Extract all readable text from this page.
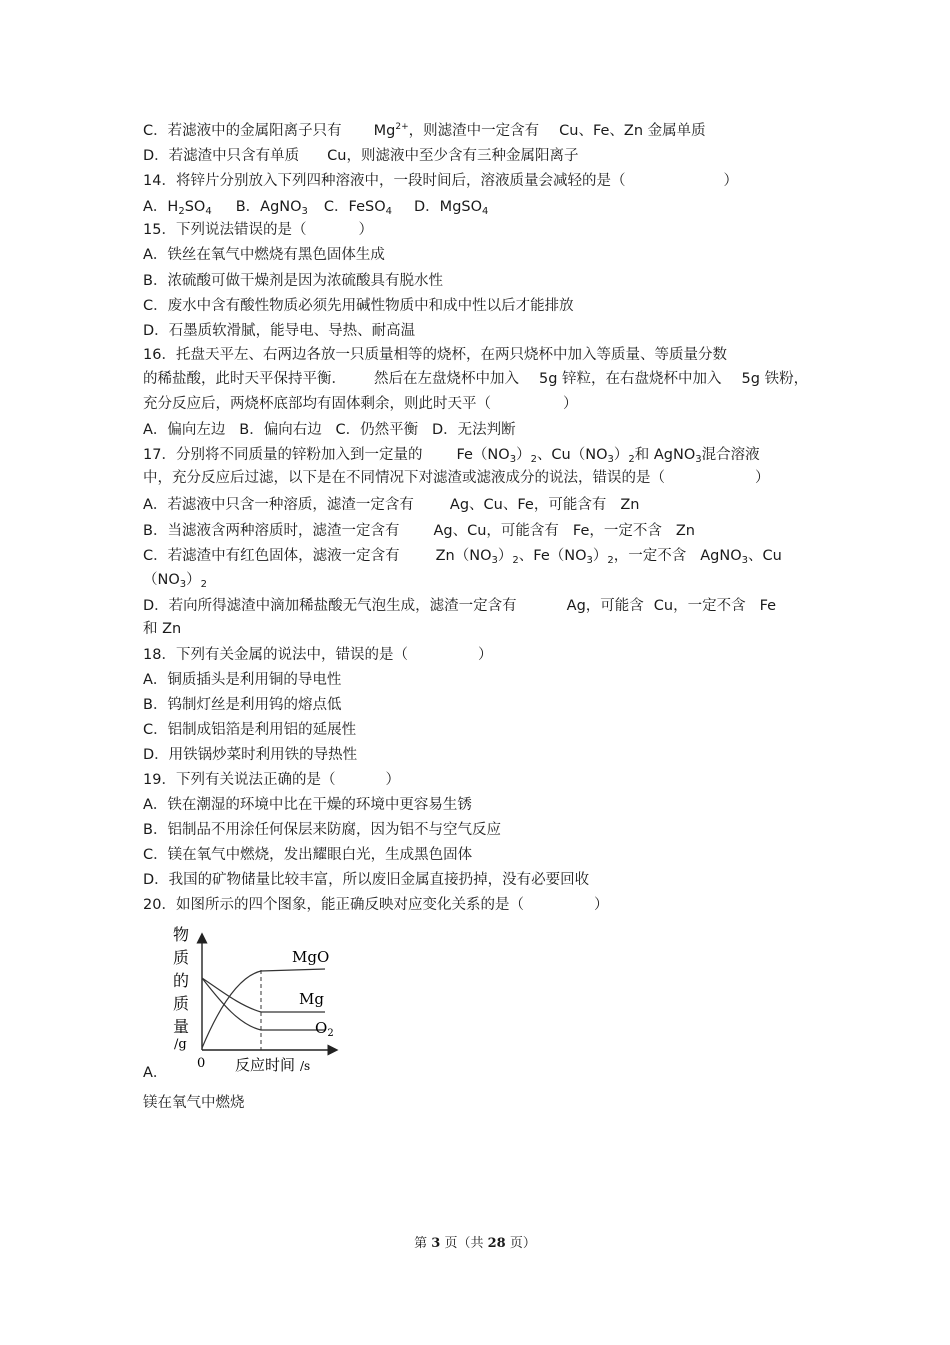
C．若滤液中的金属阳离子只有 $Mg^{2+}$，则滤渣中一定含有 Cu、Fe、Zn 金属单质
D．若滤渣中只含有单质 Cu，则滤液中至少含有三种金属阳离子
14．将锌片分别放入下列四种溶液中，一段时间后，溶液质量会减轻的是（	）
A．$H_2SO_4$ B．AgNO$_3$ C．FeSO$_4$ D．MgSO$_4$
15．下列说法错误的是（	）
A．铁丝在氧气中燃烧有黑色固体生成
B．浓硫酸可做干燥剂是因为浓硫酸具有脱水性
C．废水中含有酸性物质必须先用碱性物质中和成中性以后才能排放
D．石墨质软滑腻，能导电、导热、耐高温
16．托盘天平左、右两边各放一只质量相等的烧杯，在两只烧杯中加入等质量、等质量分数
的稀盐酸，此时天平保持平衡． 然后在左盘烧杯中加入 5g 锌粒，在右盘烧杯中加入 5g 铁粉，
充分反应后，两烧杯底部均有固体剩余，则此时天平（	）
A．偏向左边   B．偏向右边   C．仍然平衡   D．无法判断
17．分别将不同质量的锌粉加入到一定量的 $Fe(NO_3)_2$、$Cu(NO_3)_2$和 AgNO$_3$混合溶液
中，充分反应后过滤，以下是在不同情况下对滤渣或滤液成分的说法，错误的是（	）
A．若滤液中只含一种溶质，滤渣一定含有 Ag、Cu、Fe，可能含有 Zn
B．当滤液含两种溶质时，滤渣一定含有 Ag、Cu，可能含有 Fe，一定不含 Zn
C．若滤渣中有红色固体，滤液一定含有 $Zn(NO_3)_2$、$Fe(NO_3)_2$，一定不含 AgNO$_3$、Cu
$(NO_3)_2$
D．若向所得滤渣中滴加稀盐酸无气泡生成，滤渣一定含有	Ag，可能含 Cu，一定不含 Fe
和 Zn
18．下列有关金属的说法中，错误的是（	）
A．铜质插头是利用铜的导电性
B．钨制灯丝是利用钨的熔点低
C．铝制成铝箔是利用铝的延展性
D．用铁锅炒菜时利用铁的导热性
19．下列有关说法正确的是（	）
A．铁在潮湿的环境中比在干燥的环境中更容易生锈
B．铝制品不用涂任何保层来防腐，因为铝不与空气反应
C．镁在氧气中燃烧，发出耀眼白光，生成黑色固体
D．我国的矿物储量比较丰富，所以废旧金属直接扔掉，没有必要回收
20．如图所示的四个图象，能正确反映对应变化关系的是（	）
物
质
的
质
量
/g
0 反应时间 /s
MgO
Mg
$O_2$
A．
镁在氧气中燃烧
第 3 页（共 28 页）
